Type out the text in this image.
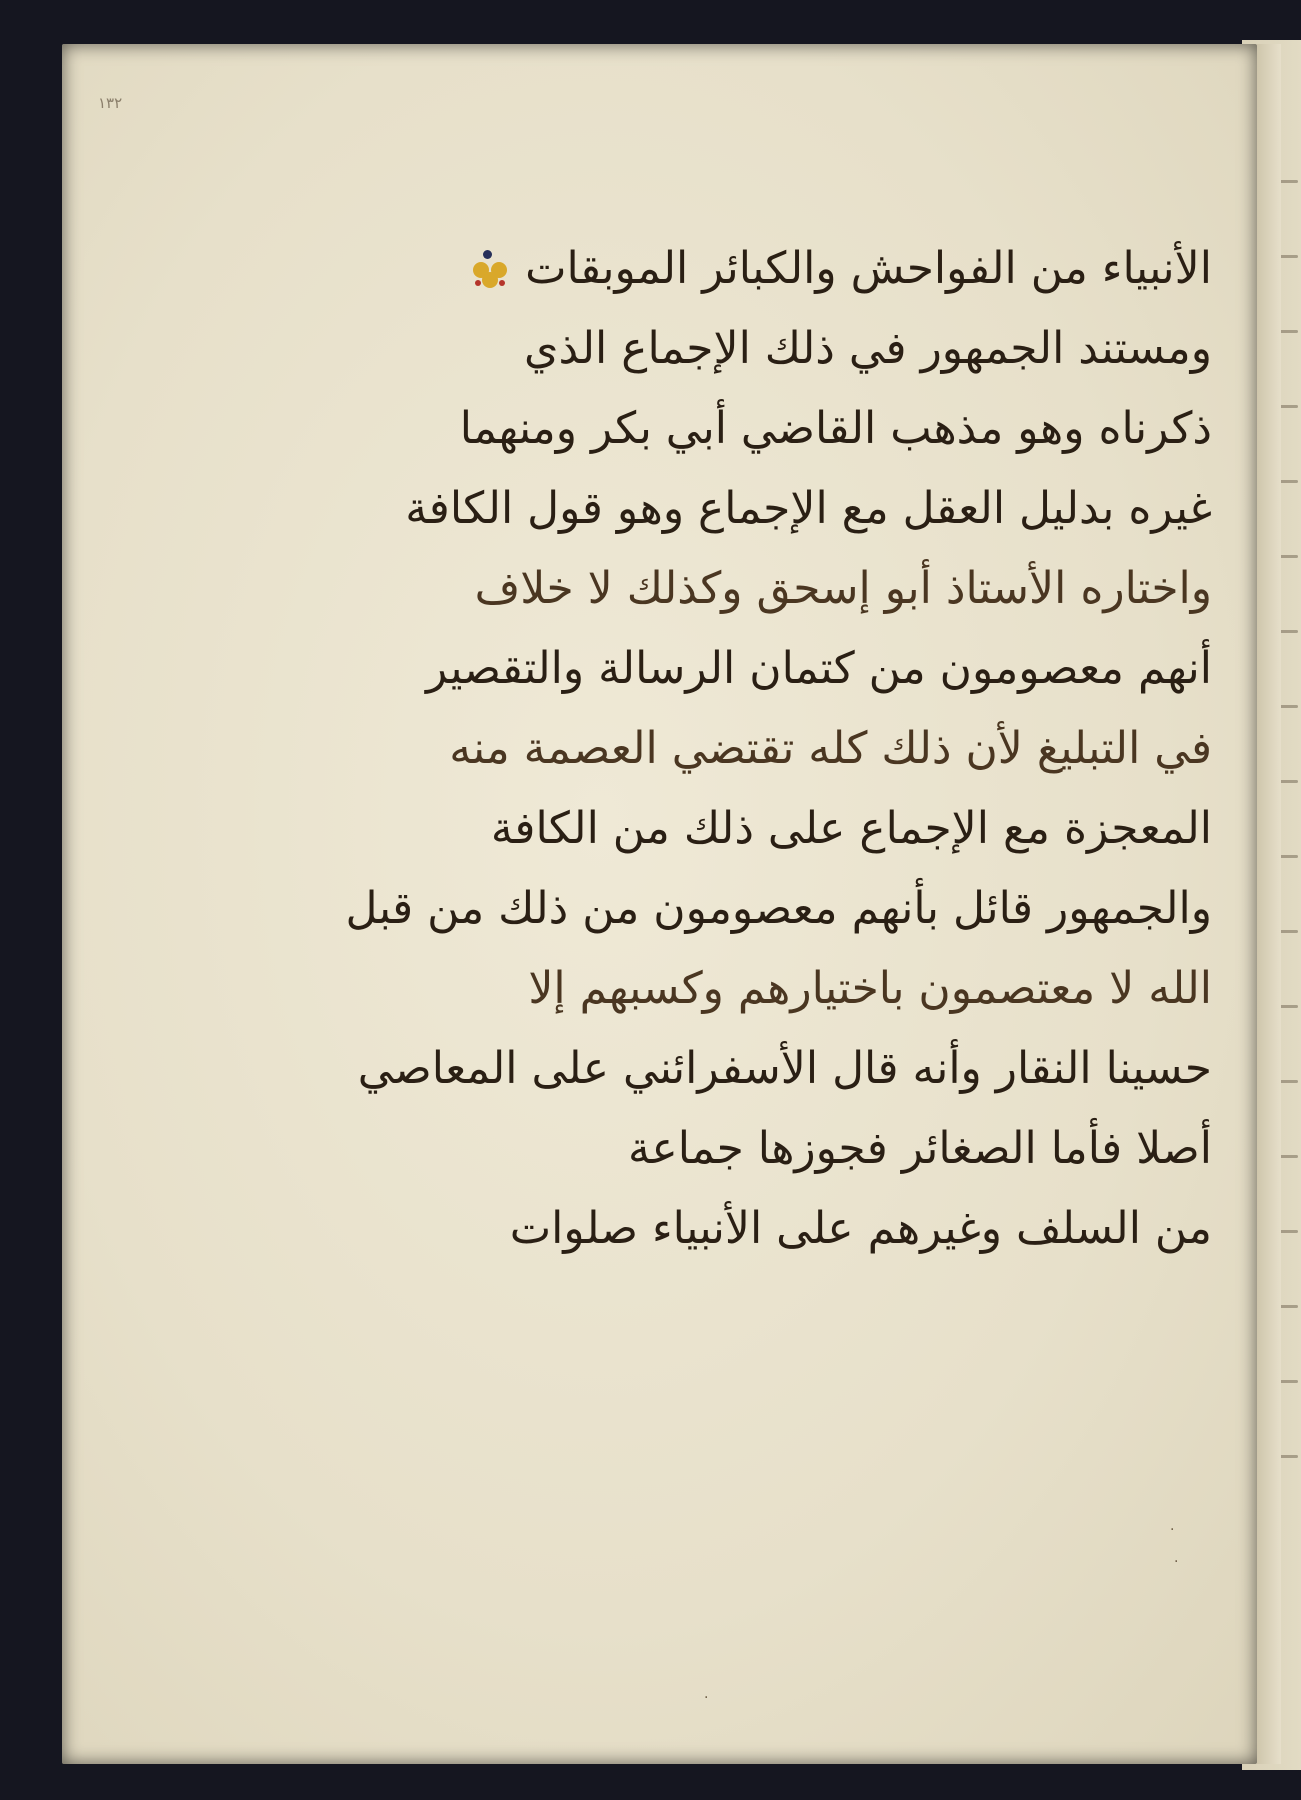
١٣٢
الأنبياء من الفواحش والكبائر الموبقات
ومستند الجمهور في ذلك الإجماع الذي
ذكرناه وهو مذهب القاضي أبي بكر ومنهما
غيره بدليل العقل مع الإجماع وهو قول الكافة
واختاره الأستاذ أبو إسحق وكذلك لا خلاف
أنهم معصومون من كتمان الرسالة والتقصير
في التبليغ لأن ذلك كله تقتضي العصمة منه
المعجزة مع الإجماع على ذلك من الكافة
والجمهور قائل بأنهم معصومون من ذلك من قبل
الله لا معتصمون باختيارهم وكسبهم إلا
حسينا النقار وأنه قال الأسفرائني على المعاصي
أصلا فأما الصغائر فجوزها جماعة
من السلف وغيرهم على الأنبياء صلوات
·
·
·
